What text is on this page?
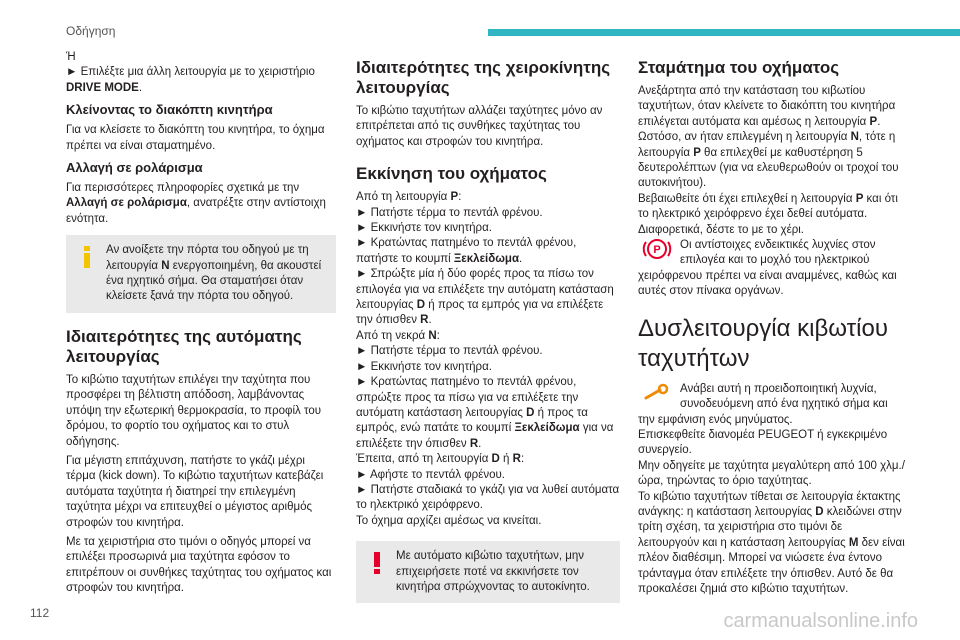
Οδήγηση

Ή

► Επιλέξτε μια άλλη λειτουργία με το χειριστήριο
DRIVE MODE.

Κλείνοντας το διακόπτη κινητήρα

Για να κλείσετε το διακόπτη του κινητήρα, το όχημα πρέπει να είναι σταματημένο.

Αλλαγή σε ρολάρισμα

Για περισσότερες πληροφορίες σχετικά με την Αλλαγή σε ρολάρισμα, ανατρέξτε στην αντίστοιχη ενότητα.

Αν ανοίξετε την πόρτα του οδηγού με τη λειτουργία N ενεργοποιημένη, θα ακουστεί ένα ηχητικό σήμα. Θα σταματήσει όταν κλείσετε ξανά την πόρτα του οδηγού.
Ιδιαιτερότητες της αυτόματης λειτουργίας

Το κιβώτιο ταχυτήτων επιλέγει την ταχύτητα που προσφέρει τη βέλτιστη απόδοση, λαμβάνοντας υπόψη την εξωτερική θερμοκρασία, το προφίλ του δρόμου, το φορτίο του οχήματος και το στυλ οδήγησης.

Για μέγιστη επιτάχυνση, πατήστε το γκάζι μέχρι τέρμα (kick down). Το κιβώτιο ταχυτήτων κατεβάζει αυτόματα ταχύτητα ή διατηρεί την επιλεγμένη ταχύτητα μέχρι να επιτευχθεί ο μέγιστος αριθμός στροφών του κινητήρα.

Με τα χειριστήρια στο τιμόνι ο οδηγός μπορεί να επιλέξει προσωρινά μια ταχύτητα εφόσον το επιτρέπουν οι συνθήκες ταχύτητας του οχήματος και στροφών του κινητήρα.

Ιδιαιτερότητες της χειροκίνητης λειτουργίας

Το κιβώτιο ταχυτήτων αλλάζει ταχύτητες μόνο αν επιτρέπεται από τις συνθήκες ταχύτητας του οχήματος και στροφών του κινητήρα.

Εκκίνηση του οχήματος

Από τη λειτουργία P:

► Πατήστε τέρμα το πεντάλ φρένου.

► Εκκινήστε τον κινητήρα.

► Κρατώντας πατημένο το πεντάλ φρένου, πατήστε το κουμπί Ξεκλείδωμα.

► Σπρώξτε μία ή δύο φορές προς τα πίσω τον επιλογέα για να επιλέξετε την αυτόματη κατάσταση λειτουργίας D ή προς τα εμπρός για να επιλέξετε την όπισθεν R.

Από τη νεκρά N:

► Πατήστε τέρμα το πεντάλ φρένου.

► Εκκινήστε τον κινητήρα.

► Κρατώντας πατημένο το πεντάλ φρένου, σπρώξτε προς τα πίσω για να επιλέξετε την αυτόματη κατάσταση λειτουργίας D ή προς τα εμπρός, ενώ πατάτε το κουμπί Ξεκλείδωμα για να επιλέξετε την όπισθεν R.

Έπειτα, από τη λειτουργία D ή R:

► Αφήστε το πεντάλ φρένου.

► Πατήστε σταδιακά το γκάζι για να λυθεί αυτόματα το ηλεκτρικό χειρόφρενο.

Το όχημα αρχίζει αμέσως να κινείται.

Με αυτόματο κιβώτιο ταχυτήτων, μην επιχειρήσετε ποτέ να εκκινήσετε τον κινητήρα σπρώχνοντας το αυτοκίνητο.
Σταμάτημα του οχήματος

Ανεξάρτητα από την κατάσταση του κιβωτίου ταχυτήτων, όταν κλείνετε το διακόπτη του κινητήρα επιλέγεται αυτόματα και αμέσως η λειτουργία P.

Ωστόσο, αν ήταν επιλεγμένη η λειτουργία N, τότε η λειτουργία P θα επιλεχθεί με καθυστέρηση 5 δευτερολέπτων (για να ελευθερωθούν οι τροχοί του αυτοκινήτου).

Βεβαιωθείτε ότι έχει επιλεχθεί η λειτουργία P και ότι το ηλεκτρικό χειρόφρενο έχει δεθεί αυτόματα. Διαφορετικά, δέστε το με το χέρι.

P	Οι αντίστοιχες ενδεικτικές λυχνίες στον επιλογέα και το μοχλό του ηλεκτρικού χειρόφρενου πρέπει να είναι αναμμένες, καθώς και αυτές στον πίνακα οργάνων.

Δυσλειτουργία κιβωτίου ταχυτήτων

Ανάβει αυτή η προειδοποιητική λυχνία, συνοδευόμενη από ένα ηχητικό σήμα και την εμφάνιση ενός μηνύματος.

Επισκεφθείτε διανομέα PEUGEOT ή εγκεκριμένο συνεργείο.

Μην οδηγείτε με ταχύτητα μεγαλύτερη από 100 χλμ./ώρα, τηρώντας το όριο ταχύτητας.

Το κιβώτιο ταχυτήτων τίθεται σε λειτουργία έκτακτης ανάγκης: η κατάσταση λειτουργίας D κλειδώνει στην τρίτη σχέση, τα χειριστήρια στο τιμόνι δε λειτουργούν και η κατάσταση λειτουργίας M δεν είναι πλέον διαθέσιμη. Μπορεί να νιώσετε ένα έντονο τράνταγμα όταν επιλέξετε την όπισθεν. Αυτό δε θα προκαλέσει ζημιά στο κιβώτιο ταχυτήτων.

112	carmanualsonline.info
